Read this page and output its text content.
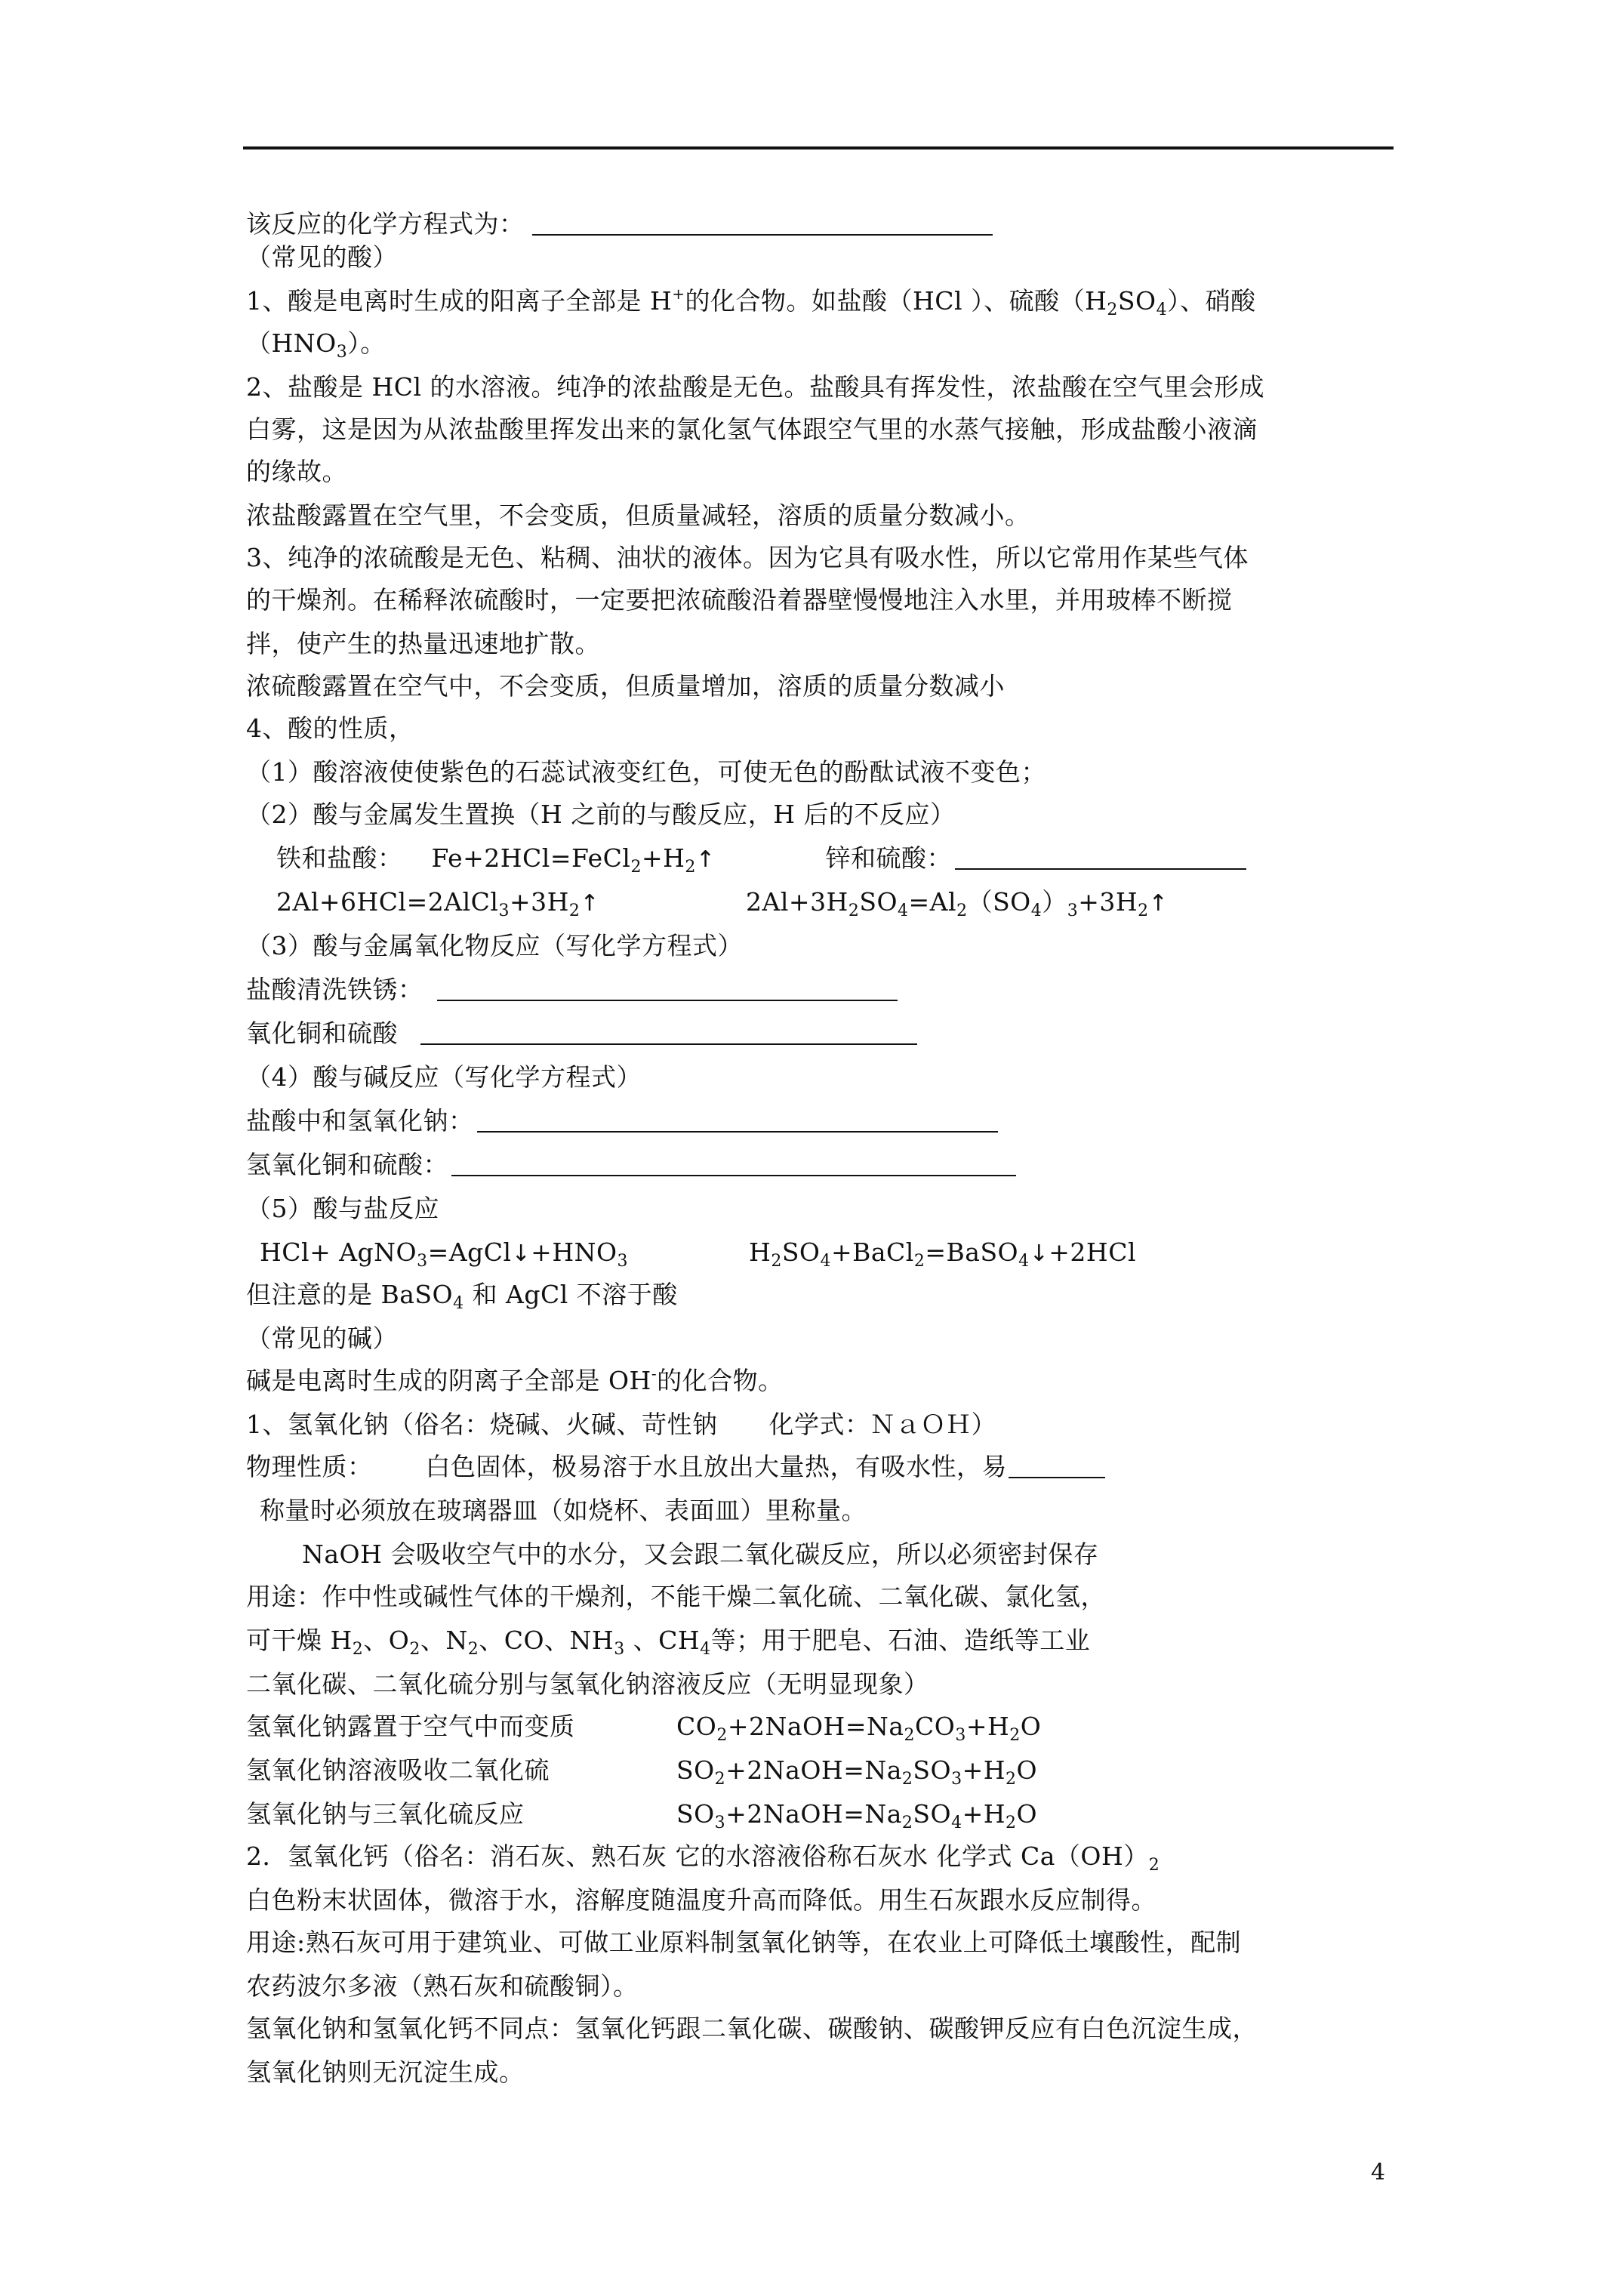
该反应的化学方程式为：
（常见的酸）
1、酸是电离时生成的阳离子全部是 H+的化合物。如盐酸（HCl ）、硫酸$(H_2SO_4)$、硝酸
$(HNO_3)$。
2、盐酸是 HCl 的水溶液。纯净的浓盐酸是无色。盐酸具有挥发性，浓盐酸在空气里会形成
白雾，这是因为从浓盐酸里挥发出来的氯化氢气体跟空气里的水蒸气接触，形成盐酸小液滴
的缘故。
浓盐酸露置在空气里，不会变质，但质量减轻，溶质的质量分数减小。
3、纯净的浓硫酸是无色、粘稠、油状的液体。因为它具有吸水性，所以它常用作某些气体
的干燥剂。在稀释浓硫酸时，一定要把浓硫酸沿着器壁慢慢地注入水里，并用玻棒不断搅
拌，使产生的热量迅速地扩散。
浓硫酸露置在空气中，不会变质，但质量增加，溶质的质量分数减小
4、酸的性质，
（1）酸溶液使使紫色的石蕊试液变红色，可使无色的酚酞试液不变色；
（2）酸与金属发生置换（H 之前的与酸反应，H 后的不反应）
铁和盐酸： $Fe+2HCl=FeCl_2+H_2↑$	锌和硫酸：
$2Al+6HCl=2AlCl_3+3H_2↑$	$2Al+3H_2SO_4=Al_2(SO_4)_3+3H_2↑$
（3）酸与金属氧化物反应（写化学方程式）
盐酸清洗铁锈：
氧化铜和硫酸
（4）酸与碱反应（写化学方程式）
盐酸中和氢氧化钠：
氢氧化铜和硫酸：
（5）酸与盐反应
$HCl+ AgNO_3=AgCl↓+HNO_3$	$H_2SO_4+BaCl_2=BaSO_4↓+2HCl$
但注意的是 BaSO$_4$ 和 AgCl 不溶于酸
（常见的碱）
碱是电离时生成的阴离子全部是 OH-的化合物。
1、氢氧化钠（俗名：烧碱、火碱、苛性钠 化学式：ＮａＯＨ）
物理性质： 白色固体，极易溶于水且放出大量热，有吸水性，易
称量时必须放在玻璃器皿（如烧杯、表面皿）里称量。
NaOH 会吸收空气中的水分，又会跟二氧化碳反应，所以必须密封保存
用途：作中性或碱性气体的干燥剂，不能干燥二氧化硫、二氧化碳、氯化氢，
可干燥 $H_2$、$O_2$、$N_2$、CO、$NH_3$ 、$CH_4$等；用于肥皂、石油、造纸等工业
二氧化碳、二氧化硫分别与氢氧化钠溶液反应（无明显现象）
氢氧化钠露置于空气中而变质	$CO_2+2NaOH=Na_2CO_3+H_2O$
氢氧化钠溶液吸收二氧化硫	$SO_2+2NaOH=Na_2SO_3+H_2O$
氢氧化钠与三氧化硫反应	$SO_3+2NaOH=Na_2SO_4+H_2O$
2．氢氧化钙（俗名：消石灰、熟石灰 它的水溶液俗称石灰水 化学式 $Ca(OH)_2$
白色粉末状固体，微溶于水，溶解度随温度升高而降低。用生石灰跟水反应制得。
用途:熟石灰可用于建筑业、可做工业原料制氢氧化钠等，在农业上可降低土壤酸性，配制
农药波尔多液（熟石灰和硫酸铜）。
氢氧化钠和氢氧化钙不同点：氢氧化钙跟二氧化碳、碳酸钠、碳酸钾反应有白色沉淀生成，
氢氧化钠则无沉淀生成。
4
